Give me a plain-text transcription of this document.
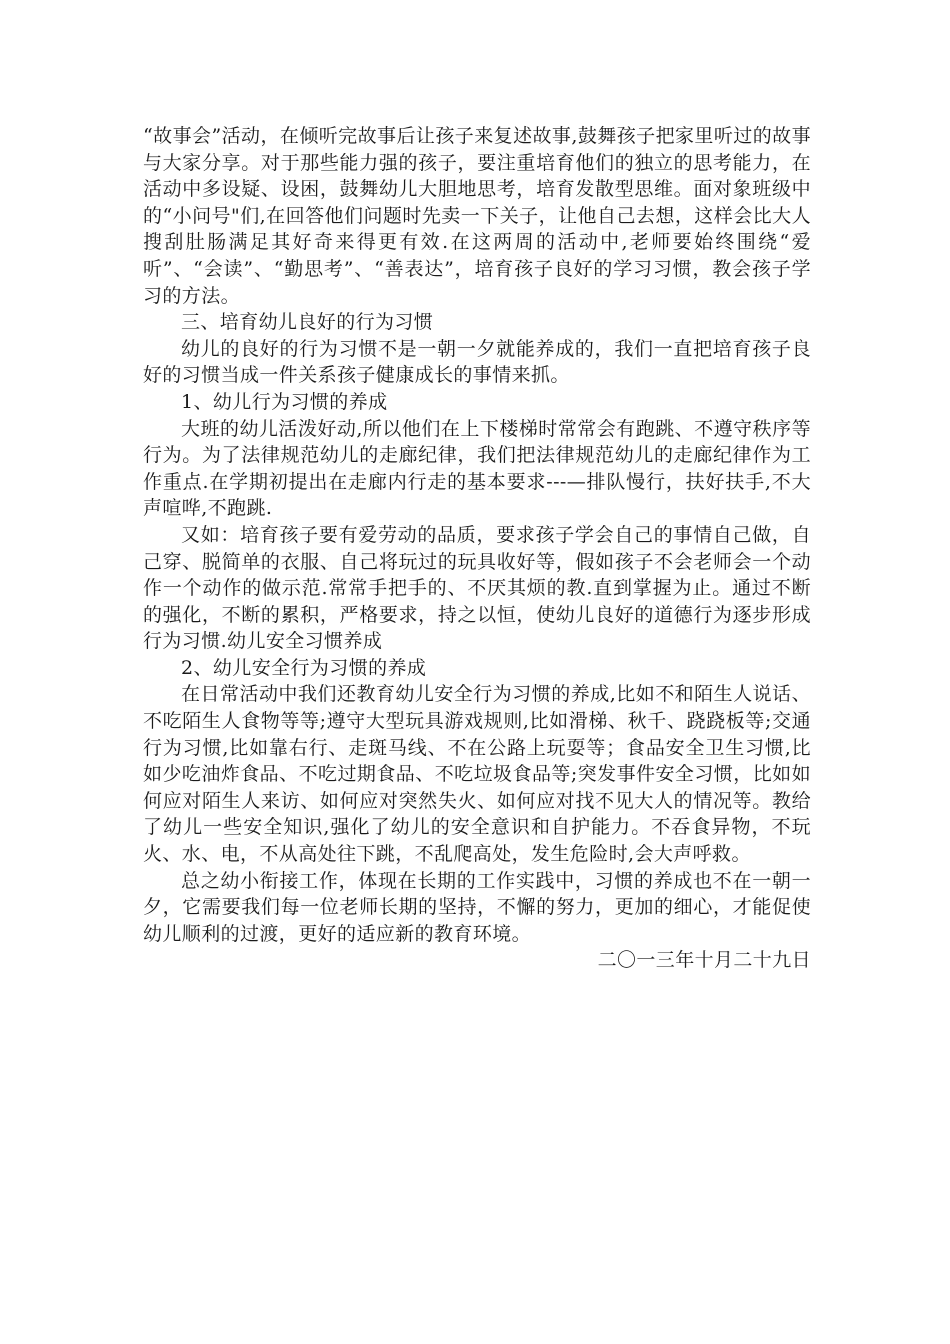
“故事会”活动，在倾听完故事后让孩子来复述故事,鼓舞孩子把家里听过的故事与大家分享。对于那些能力强的孩子，要注重培育他们的独立的思考能力，在活动中多设疑、设困，鼓舞幼儿大胆地思考，培育发散型思维。面对象班级中的“小问号"们,在回答他们问题时先卖一下关子，让他自己去想，这样会比大人搜刮肚肠满足其好奇来得更有效.在这两周的活动中,老师要始终围绕“爱听”、“会读”、“勤思考”、“善表达”，培育孩子良好的学习习惯，教会孩子学习的方法。

三、培育幼儿良好的行为习惯

幼儿的良好的行为习惯不是一朝一夕就能养成的，我们一直把培育孩子良好的习惯当成一件关系孩子健康成长的事情来抓。

1、幼儿行为习惯的养成

大班的幼儿活泼好动,所以他们在上下楼梯时常常会有跑跳、不遵守秩序等行为。为了法律规范幼儿的走廊纪律，我们把法律规范幼儿的走廊纪律作为工作重点.在学期初提出在走廊内行走的基本要求---—排队慢行，扶好扶手,不大声喧哗,不跑跳.

又如：培育孩子要有爱劳动的品质，要求孩子学会自己的事情自己做，自己穿、脱简单的衣服、自己将玩过的玩具收好等，假如孩子不会老师会一个动作一个动作的做示范.常常手把手的、不厌其烦的教.直到掌握为止。通过不断的强化，不断的累积，严格要求，持之以恒，使幼儿良好的道德行为逐步形成行为习惯.幼儿安全习惯养成

2、幼儿安全行为习惯的养成

在日常活动中我们还教育幼儿安全行为习惯的养成,比如不和陌生人说话、不吃陌生人食物等等;遵守大型玩具游戏规则,比如滑梯、秋千、跷跷板等;交通行为习惯,比如靠右行、走斑马线、不在公路上玩耍等；食品安全卫生习惯,比如少吃油炸食品、不吃过期食品、不吃垃圾食品等;突发事件安全习惯，比如如何应对陌生人来访、如何应对突然失火、如何应对找不见大人的情况等。教给了幼儿一些安全知识,强化了幼儿的安全意识和自护能力。不吞食异物，不玩火、水、电，不从高处往下跳，不乱爬高处，发生危险时,会大声呼救。

总之幼小衔接工作，体现在长期的工作实践中，习惯的养成也不在一朝一夕，它需要我们每一位老师长期的坚持，不懈的努力，更加的细心，才能促使幼儿顺利的过渡，更好的适应新的教育环境。

二〇一三年十月二十九日
